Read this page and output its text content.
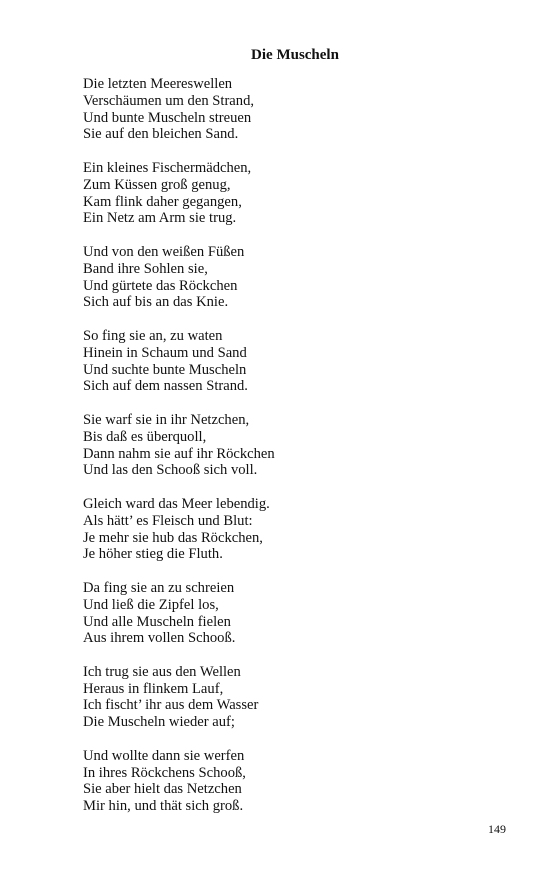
Die Muscheln
Die letzten Meereswellen
Verschäumen um den Strand,
Und bunte Muscheln streuen
Sie auf den bleichen Sand.
Ein kleines Fischermädchen,
Zum Küssen groß genug,
Kam flink daher gegangen,
Ein Netz am Arm sie trug.
Und von den weißen Füßen
Band ihre Sohlen sie,
Und gürtete das Röckchen
Sich auf bis an das Knie.
So fing sie an, zu waten
Hinein in Schaum und Sand
Und suchte bunte Muscheln
Sich auf dem nassen Strand.
Sie warf sie in ihr Netzchen,
Bis daß es überquoll,
Dann nahm sie auf ihr Röckchen
Und las den Schooß sich voll.
Gleich ward das Meer lebendig.
Als hätt’ es Fleisch und Blut:
Je mehr sie hub das Röckchen,
Je höher stieg die Fluth.
Da fing sie an zu schreien
Und ließ die Zipfel los,
Und alle Muscheln fielen
Aus ihrem vollen Schooß.
Ich trug sie aus den Wellen
Heraus in flinkem Lauf,
Ich fischt’ ihr aus dem Wasser
Die Muscheln wieder auf;
Und wollte dann sie werfen
In ihres Röckchens Schooß,
Sie aber hielt das Netzchen
Mir hin, und thät sich groß.
149
